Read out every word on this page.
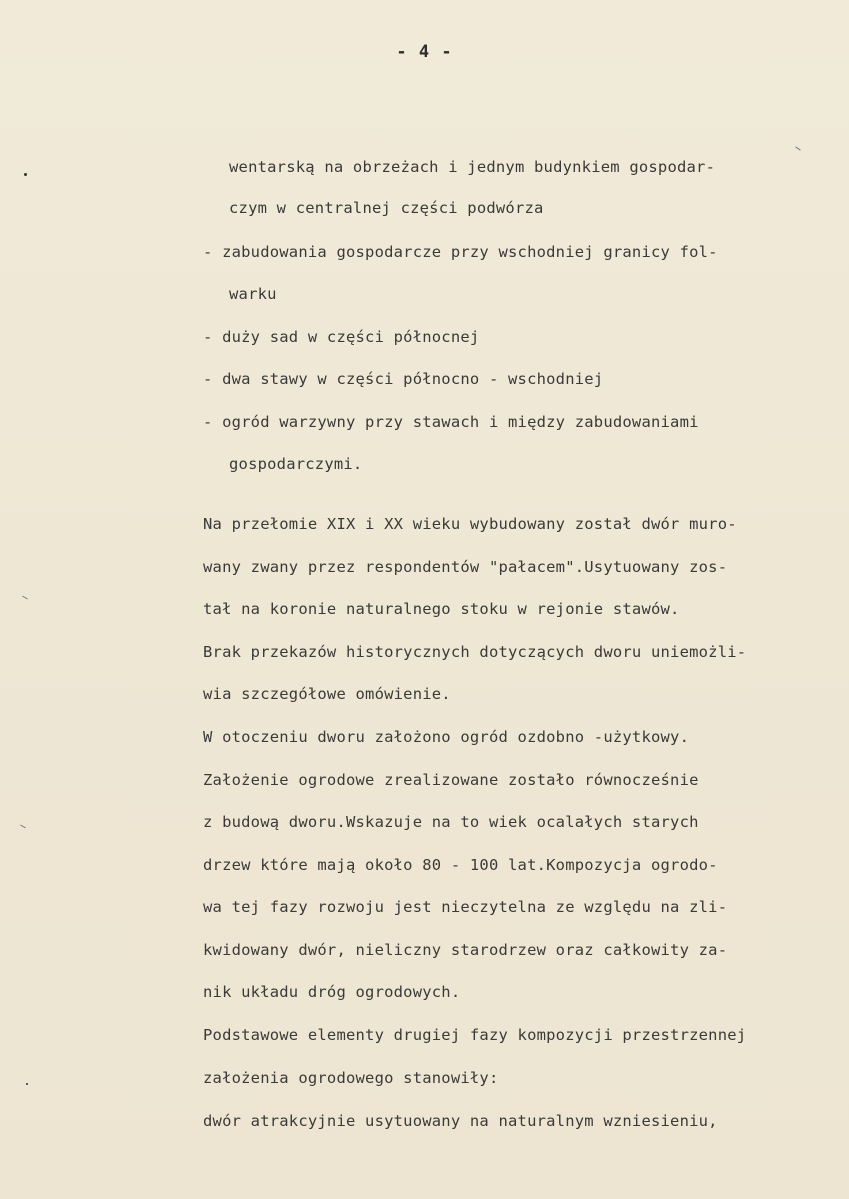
- 4 -
wentarską na obrzeżach i jednym budynkiem gospodar-
czym w centralnej części podwórza
- zabudowania gospodarcze przy wschodniej granicy fol-
warku
- duży sad w części północnej
- dwa stawy w części północno - wschodniej
- ogród warzywny przy stawach i między zabudowaniami
gospodarczymi.
Na przełomie XIX i XX wieku wybudowany został dwór muro-
wany zwany przez respondentów "pałacem".Usytuowany zos-
tał na koronie naturalnego stoku w rejonie stawów.
Brak przekazów historycznych dotyczących dworu uniemożli-
wia szczegółowe omówienie.
W otoczeniu dworu założono ogród ozdobno -użytkowy.
Założenie ogrodowe zrealizowane zostało równocześnie
z budową dworu.Wskazuje na to wiek ocalałych starych
drzew które mają około 80 - 100 lat.Kompozycja ogrodo-
wa tej fazy rozwoju jest nieczytelna ze względu na zli-
kwidowany dwór, nieliczny starodrzew oraz całkowity za-
nik układu dróg ogrodowych.
Podstawowe elementy drugiej fazy kompozycji przestrzennej
założenia ogrodowego stanowiły:
dwór atrakcyjnie usytuowany na naturalnym wzniesieniu,
